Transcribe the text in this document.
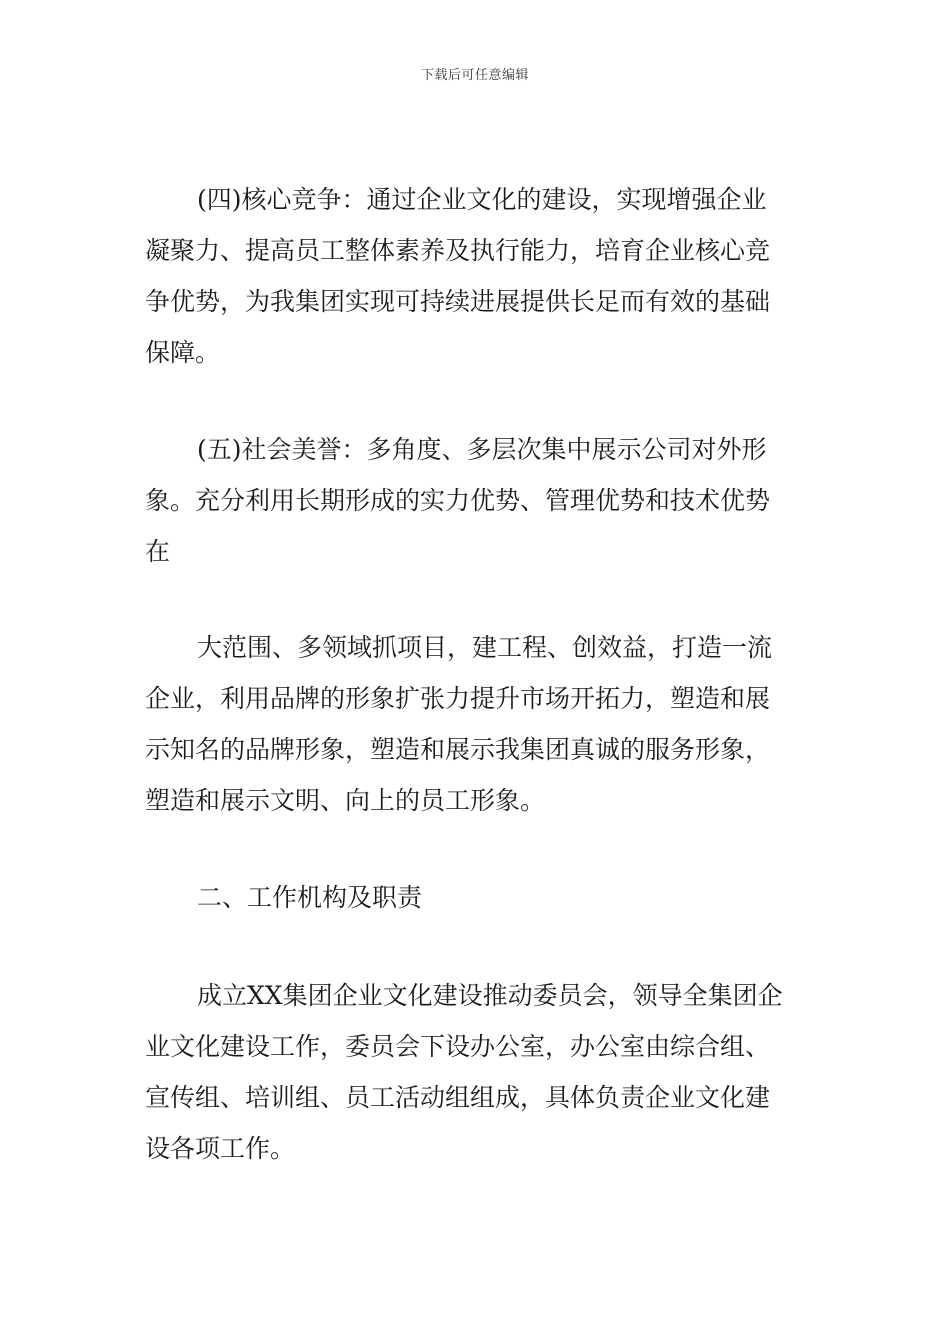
下载后可任意编辑
(四)核心竞争：通过企业文化的建设，实现增强企业
凝聚力、提高员工整体素养及执行能力，培育企业核心竞
争优势，为我集团实现可持续进展提供长足而有效的基础
保障。
(五)社会美誉：多角度、多层次集中展示公司对外形
象。充分利用长期形成的实力优势、管理优势和技术优势
在
大范围、多领域抓项目，建工程、创效益，打造一流
企业，利用品牌的形象扩张力提升市场开拓力，塑造和展
示知名的品牌形象，塑造和展示我集团真诚的服务形象，
塑造和展示文明、向上的员工形象。
二、工作机构及职责
成立XX集团企业文化建设推动委员会，领导全集团企
业文化建设工作，委员会下设办公室，办公室由综合组、
宣传组、培训组、员工活动组组成，具体负责企业文化建
设各项工作。
